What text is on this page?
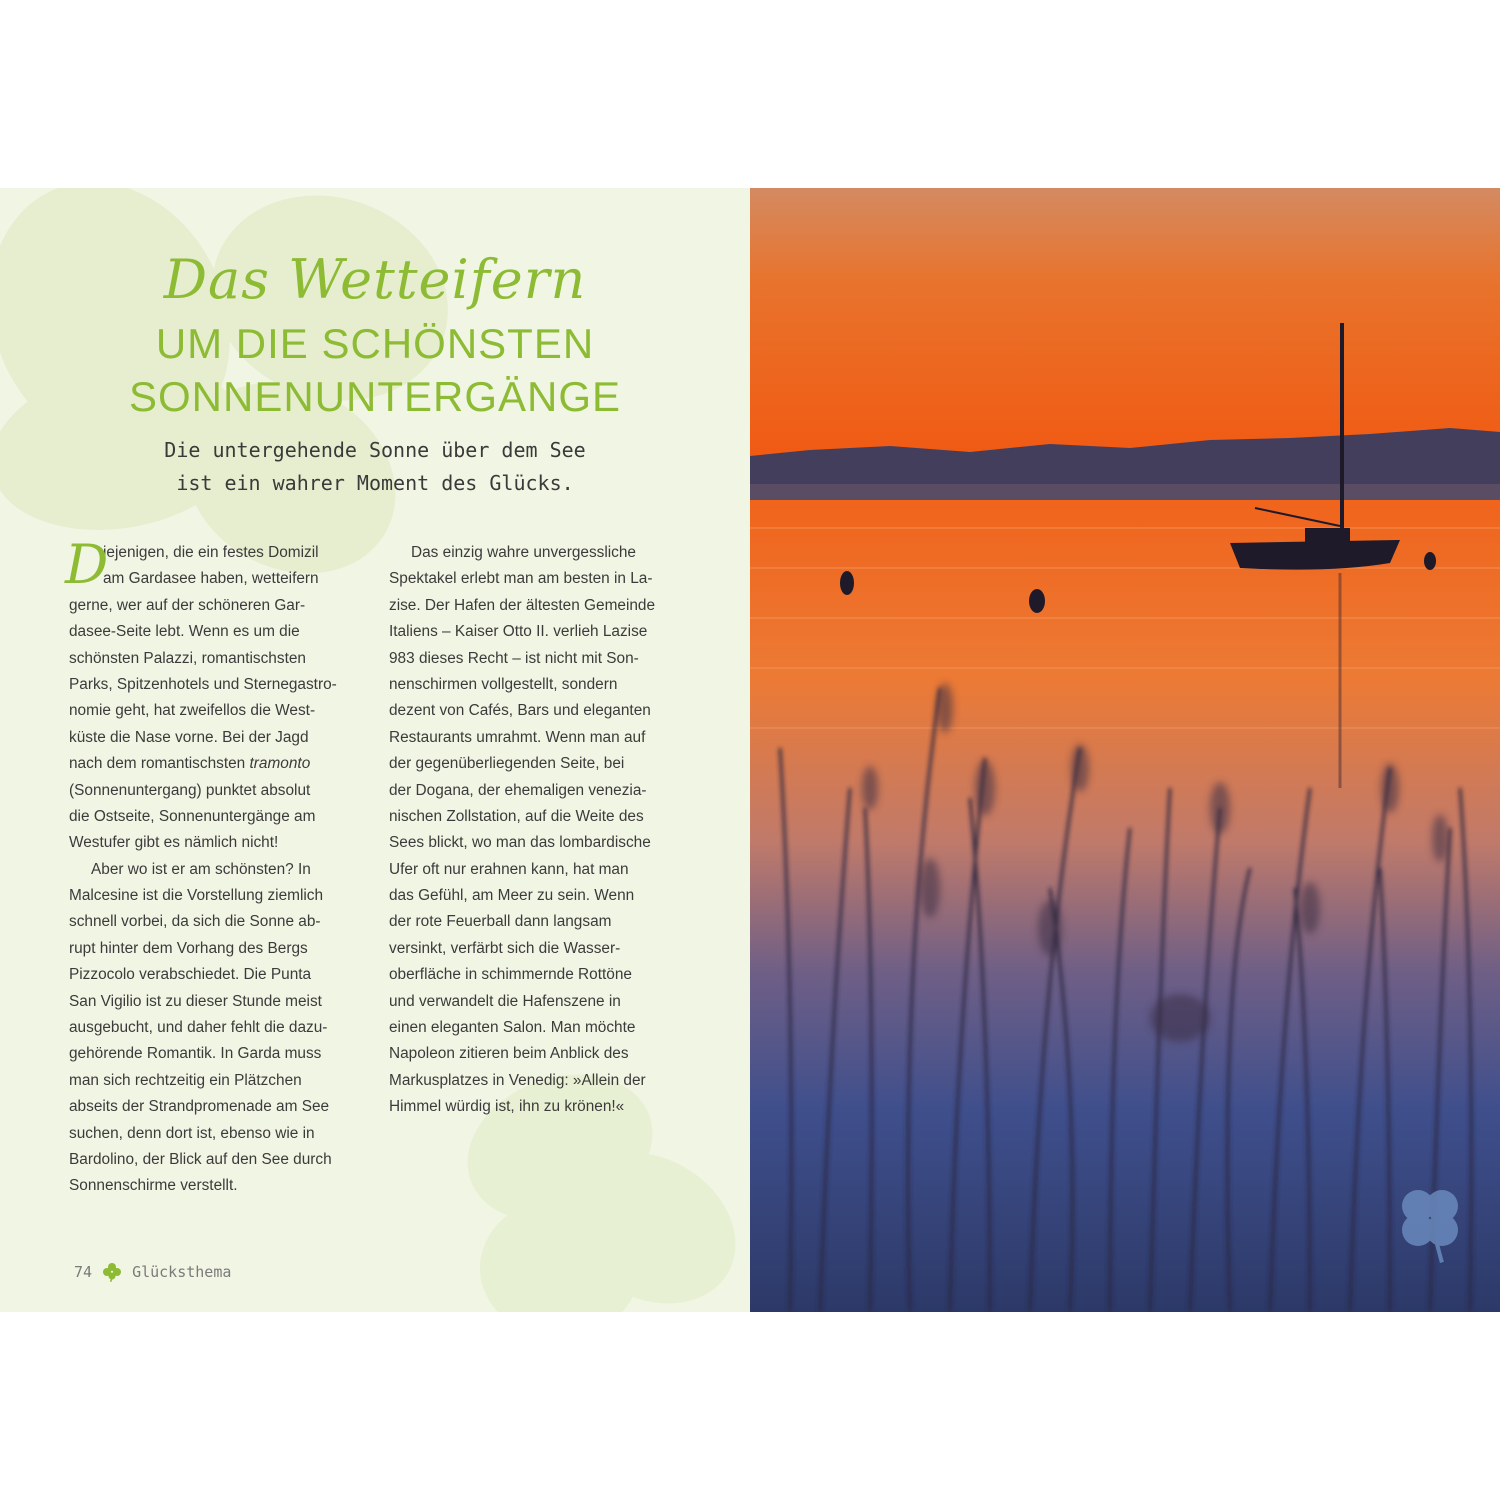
Das Wetteifern
UM DIE SCHÖNSTEN
SONNENUNTERGÄNGE
Die untergehende Sonne über dem See
ist ein wahrer Moment des Glücks.
D
iejenigen, die ein festes Domizil
am Gardasee haben, wetteifern
gerne, wer auf der schöneren Gar-
dasee-Seite lebt. Wenn es um die
schönsten Palazzi, romantischsten
Parks, Spitzenhotels und Sternegastro-
nomie geht, hat zweifellos die West-
küste die Nase vorne. Bei der Jagd
nach dem romantischsten tramonto
(Sonnenuntergang) punktet absolut
die Ostseite, Sonnenuntergänge am
Westufer gibt es nämlich nicht!
Aber wo ist er am schönsten? In
Malcesine ist die Vorstellung ziemlich
schnell vorbei, da sich die Sonne ab-
rupt hinter dem Vorhang des Bergs
Pizzocolo verabschiedet. Die Punta
San Vigilio ist zu dieser Stunde meist
ausgebucht, und daher fehlt die dazu-
gehörende Romantik. In Garda muss
man sich rechtzeitig ein Plätzchen
abseits der Strandpromenade am See
suchen, denn dort ist, ebenso wie in
Bardolino, der Blick auf den See durch
Sonnenschirme verstellt.
Das einzig wahre unvergessliche
Spektakel erlebt man am besten in La-
zise. Der Hafen der ältesten Gemeinde
Italiens – Kaiser Otto II. verlieh Lazise
983 dieses Recht – ist nicht mit Son-
nenschirmen vollgestellt, sondern
dezent von Cafés, Bars und eleganten
Restaurants umrahmt. Wenn man auf
der gegenüberliegenden Seite, bei
der Dogana, der ehemaligen venezia-
nischen Zollstation, auf die Weite des
Sees blickt, wo man das lombardische
Ufer oft nur erahnen kann, hat man
das Gefühl, am Meer zu sein. Wenn
der rote Feuerball dann langsam
versinkt, verfärbt sich die Wasser-
oberfläche in schimmernde Rottöne
und verwandelt die Hafenszene in
einen eleganten Salon. Man möchte
Napoleon zitieren beim Anblick des
Markusplatzes in Venedig: »Allein der
Himmel würdig ist, ihn zu krönen!«
74	Glücksthema
